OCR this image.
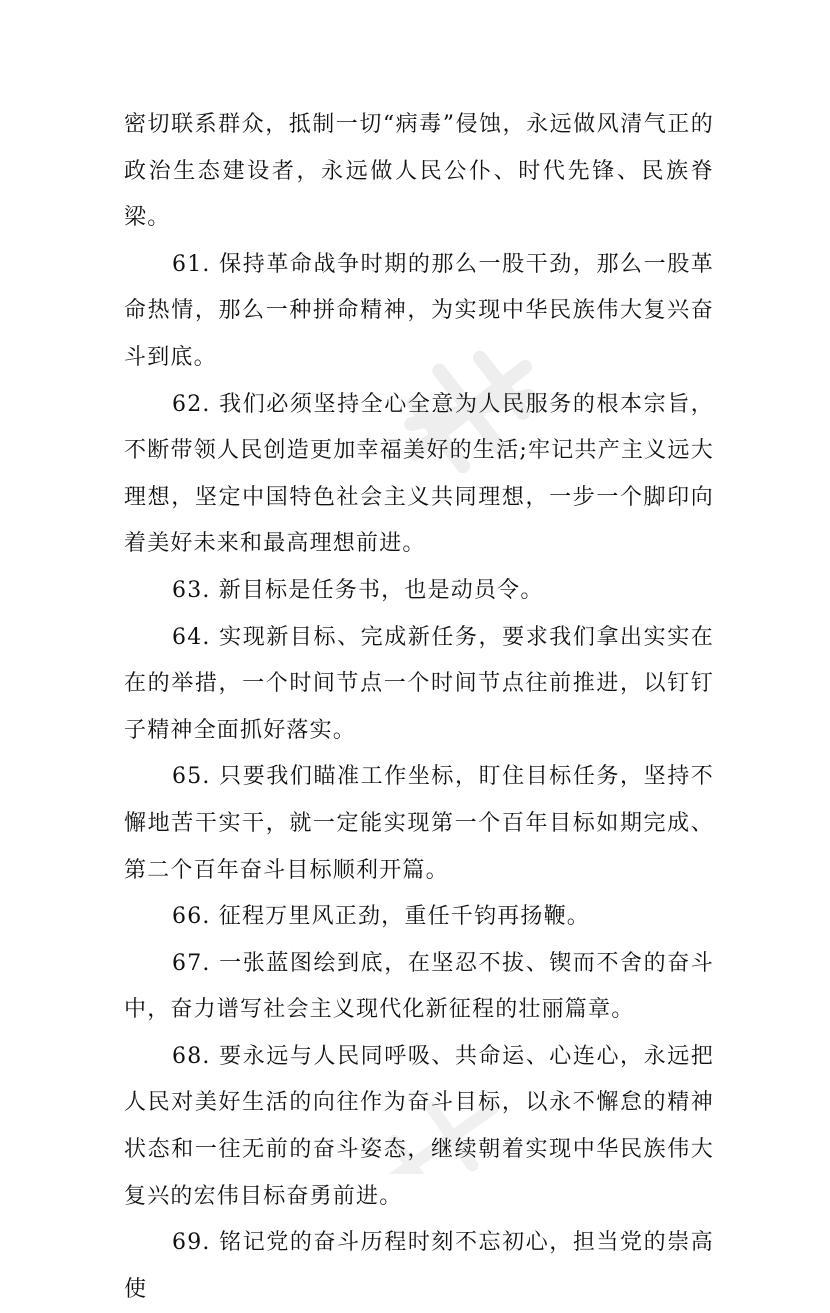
密切联系群众，抵制一切“病毒”侵蚀，永远做风清气正的政治生态建设者，永远做人民公仆、时代先锋、民族脊梁。

61. 保持革命战争时期的那么一股干劲，那么一股革命热情，那么一种拼命精神，为实现中华民族伟大复兴奋斗到底。

62. 我们必须坚持全心全意为人民服务的根本宗旨，不断带领人民创造更加幸福美好的生活;牢记共产主义远大理想，坚定中国特色社会主义共同理想，一步一个脚印向着美好未来和最高理想前进。

63. 新目标是任务书，也是动员令。

64. 实现新目标、完成新任务，要求我们拿出实实在在的举措，一个时间节点一个时间节点往前推进，以钉钉子精神全面抓好落实。

65. 只要我们瞄准工作坐标，盯住目标任务，坚持不懈地苦干实干，就一定能实现第一个百年目标如期完成、第二个百年奋斗目标顺利开篇。

66. 征程万里风正劲，重任千钧再扬鞭。

67. 一张蓝图绘到底，在坚忍不拔、锲而不舍的奋斗中，奋力谱写社会主义现代化新征程的壮丽篇章。

68. 要永远与人民同呼吸、共命运、心连心，永远把人民对美好生活的向往作为奋斗目标，以永不懈怠的精神状态和一往无前的奋斗姿态，继续朝着实现中华民族伟大复兴的宏伟目标奋勇前进。

69. 铭记党的奋斗历程时刻不忘初心，担当党的崇高使
